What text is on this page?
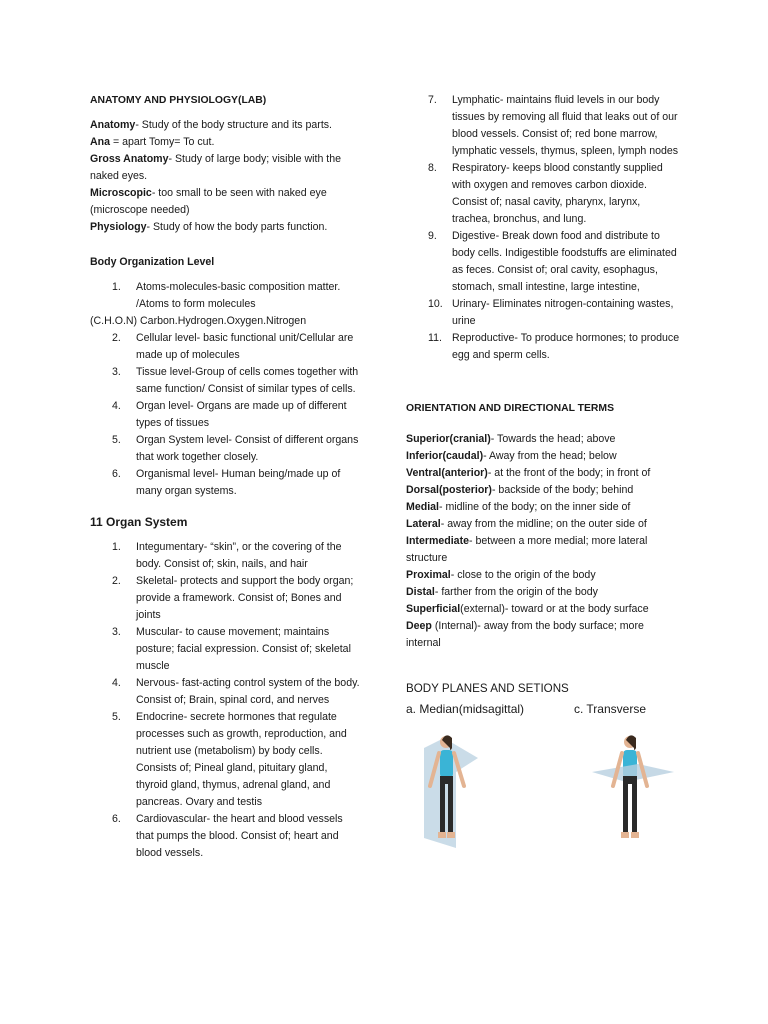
ANATOMY AND PHYSIOLOGY(LAB)

Anatomy- Study of the body structure and its parts.

Ana = apart Tomy= To cut.

Gross Anatomy- Study of large body; visible with the naked eyes.

Microscopic- too small to be seen with naked eye (microscope needed)

Physiology- Study of how the body parts function.

Body Organization Level

1. Atoms-molecules-basic composition matter. /Atoms to form molecules

(C.H.O.N) Carbon.Hydrogen.Oxygen.Nitrogen

2. Cellular level- basic functional unit/Cellular are made up of molecules
3. Tissue level-Group of cells comes together with same function/ Consist of similar types of cells.
4. Organ level- Organs are made up of different types of tissues
5. Organ System level- Consist of different organs that work together closely.
6. Organismal level- Human being/made up of many organ systems.

11 Organ System

1. Integumentary- “skin”, or the covering of the body. Consist of; skin, nails, and hair
2. Skeletal- protects and support the body organ; provide a framework. Consist of; Bones and joints
3. Muscular- to cause movement; maintains posture; facial expression. Consist of; skeletal muscle
4. Nervous- fast-acting control system of the body. Consist of; Brain, spinal cord, and nerves
5. Endocrine- secrete hormones that regulate processes such as growth, reproduction, and nutrient use (metabolism) by body cells. Consists of; Pineal gland, pituitary gland, thyroid gland, thymus, adrenal gland, and pancreas. Ovary and testis
6. Cardiovascular- the heart and blood vessels that pumps the blood. Consist of; heart and blood vessels.
7. Lymphatic- maintains fluid levels in our body tissues by removing all fluid that leaks out of our blood vessels. Consist of; red bone marrow, lymphatic vessels, thymus, spleen, lymph nodes
8. Respiratory- keeps blood constantly supplied with oxygen and removes carbon dioxide. Consist of; nasal cavity, pharynx, larynx, trachea, bronchus, and lung.
9. Digestive- Break down food and distribute to body cells. Indigestible foodstuffs are eliminated as feces. Consist of; oral cavity, esophagus, stomach, small intestine, large intestine,
10. Urinary- Eliminates nitrogen-containing wastes, urine
11. Reproductive- To produce hormones; to produce egg and sperm cells.

ORIENTATION AND DIRECTIONAL TERMS

Superior(cranial)- Towards the head; above

Inferior(caudal)- Away from the head; below

Ventral(anterior)- at the front of the body; in front of

Dorsal(posterior)- backside of the body; behind

Medial- midline of the body; on the inner side of

Lateral- away from the midline; on the outer side of

Intermediate- between a more medial; more lateral structure

Proximal- close to the origin of the body

Distal- farther from the origin of the body

Superficial(external)- toward or at the body surface

Deep (Internal)- away from the body surface; more internal

BODY PLANES AND SETIONS

a. Median(midsagittal)	c. Transverse
